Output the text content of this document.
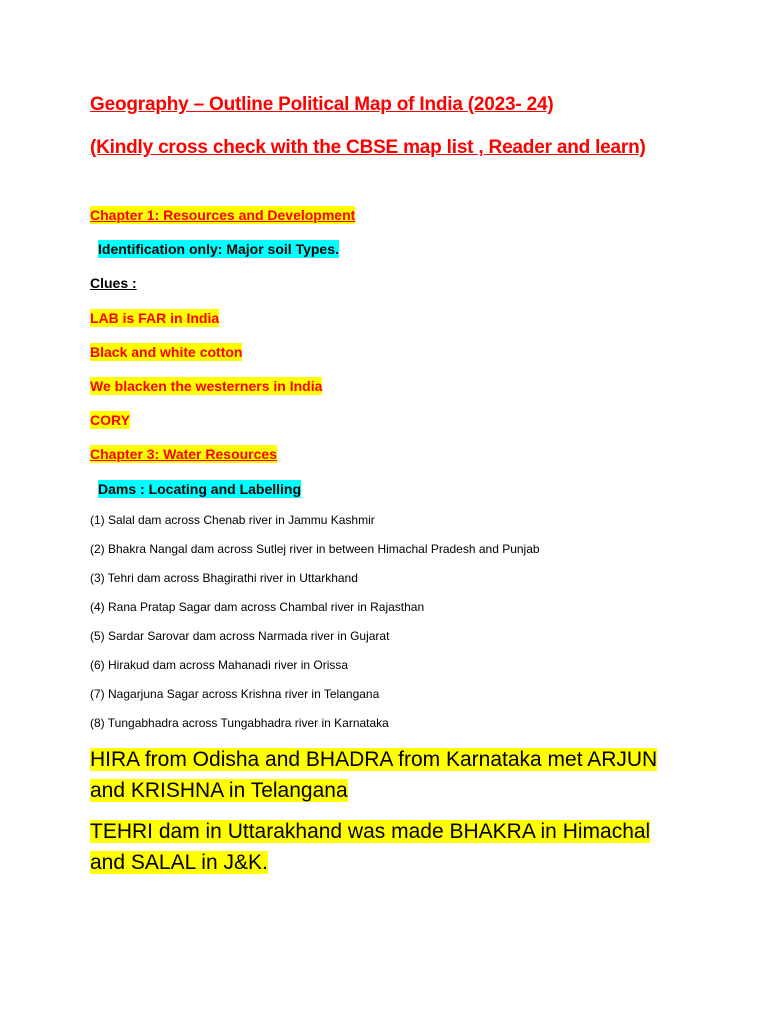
Geography – Outline Political Map of India (2023- 24)
(Kindly cross check with the CBSE map list , Reader and learn)
Chapter 1: Resources and Development
Identification only: Major soil Types.
Clues :
LAB is FAR in India
Black and white cotton
We blacken the westerners in India
CORY
Chapter 3: Water Resources
Dams : Locating and Labelling
(1) Salal dam across Chenab river in Jammu Kashmir
(2) Bhakra Nangal dam across Sutlej river in between Himachal Pradesh and Punjab
(3) Tehri dam across Bhagirathi river in Uttarkhand
(4) Rana Pratap Sagar dam across Chambal river in Rajasthan
(5) Sardar Sarovar dam across Narmada river in Gujarat
(6) Hirakud dam across Mahanadi river in Orissa
(7) Nagarjuna Sagar across Krishna river in Telangana
(8) Tungabhadra across Tungabhadra river in Karnataka
HIRA from Odisha and BHADRA from Karnataka met ARJUN and KRISHNA in Telangana
TEHRI dam in Uttarakhand was made BHAKRA in Himachal and SALAL in J&K.
